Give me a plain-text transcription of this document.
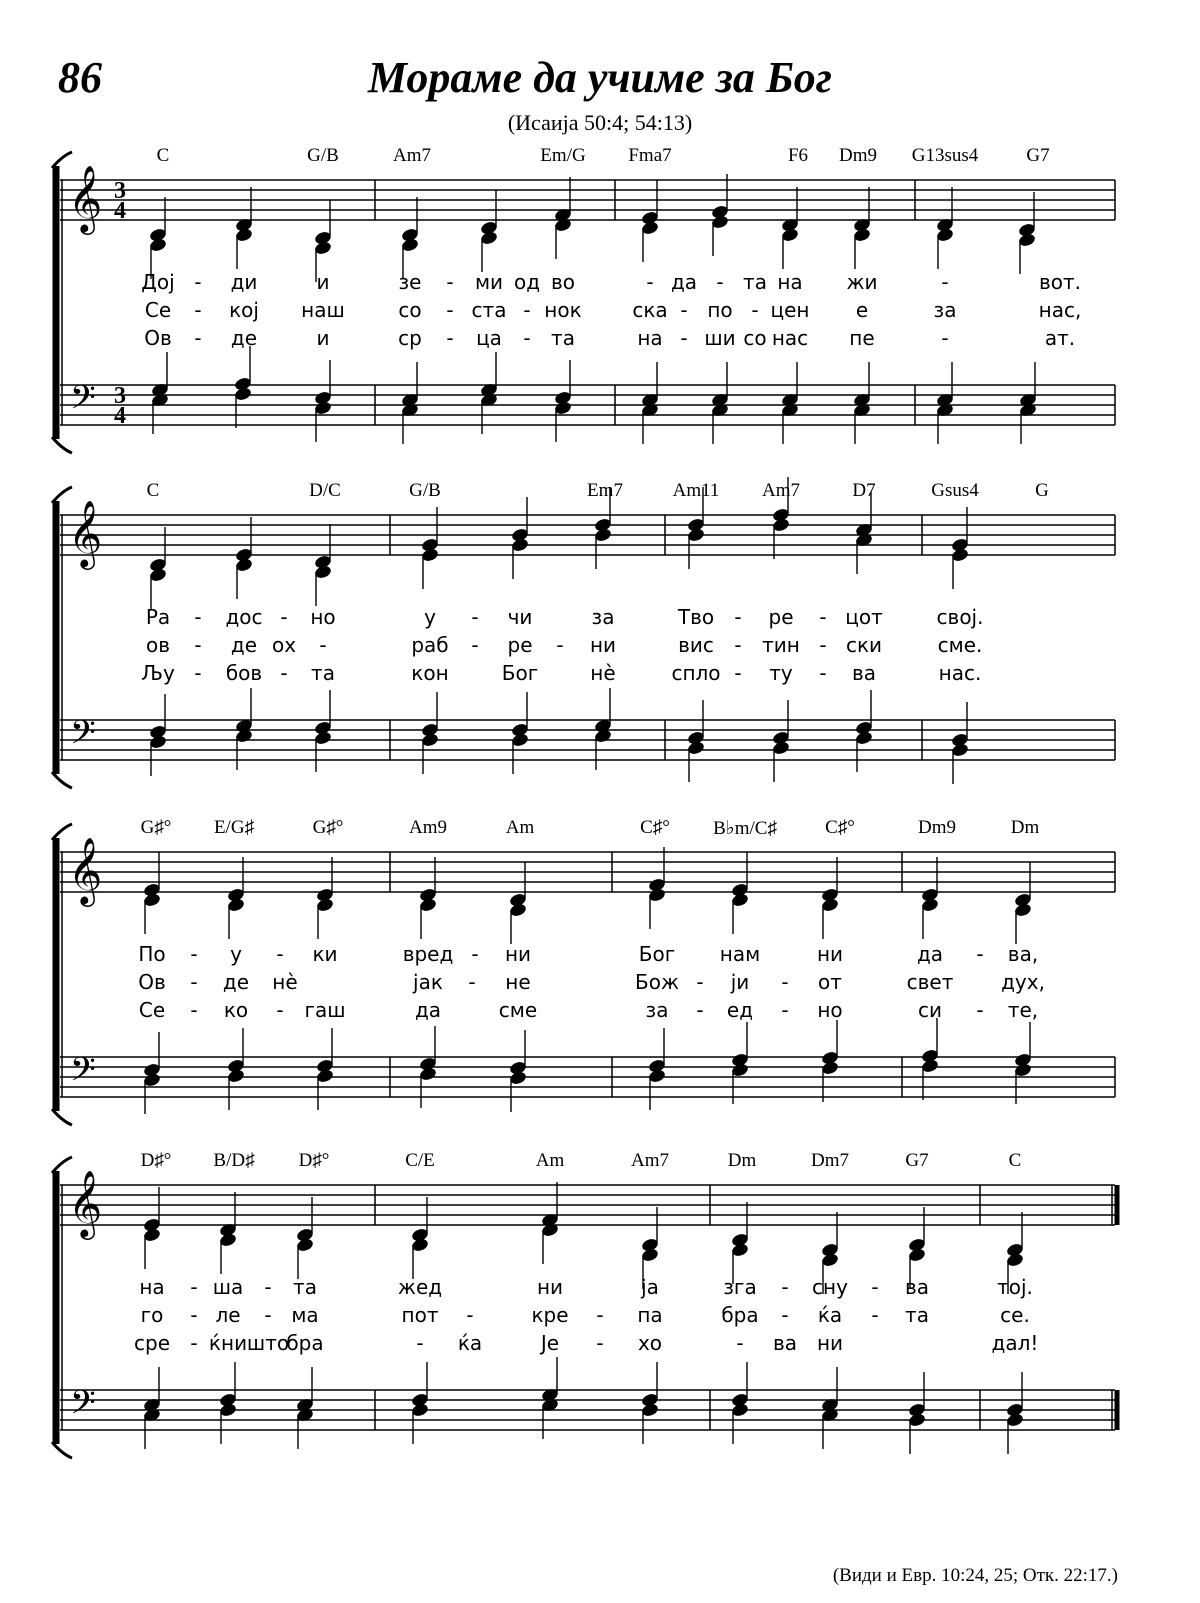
86	Мораме да учиме за Бог
(Исаија 50:4; 54:13)
𝄞
𝄢
3
4
3
4
C	G/B	Am7	Em/G Fma7	F6 Dm9 G13sus4	G7
Дој - ди	и	зе - ми од во	- да - та на жи	-	вот.
Се - кој наш	со - ста - нок	ска - по - цен е	за	нас,
Ов - де	и	ср - ца - та	на - ши со нас пе	-	ат.
𝄞
𝄢
C	D/C	G/B	Em7	Am11 Am7	D7	Gsus4	G
Ра - дос - но	у - чи	за	Тво - ре - цот	свој.
ов - де ох -	раб - ре - ни	вис - тин - ски	сме.
Љу - бов - та	кон	Бог	нè	спло - ту - ва	нас.
𝄞
𝄢
G♯° E/G♯	G♯°	Am9	Am	C♯° B♭m/C♯	C♯°	Dm9	Dm
По - у - ки	вред - ни	Бог нам	ни	да - ва,
Ов - де нè	јак - не	Бож - ји - от	свет дух,
Се - ко - гаш	да	сме	за - ед - но	си - те,
𝄞
𝄢
D♯° B/D♯ D♯°	C/E	Am	Am7	Dm	Dm7	G7	C
на - ша - та	жед	ни	ја	зга - сну - ва	тој.
го - ле - ма	пот -	кре - па	бра - ќа - та	се.
сре - ќни што
бра	- ќа	Је - хо	- ва ни	дал!
(Види и Евр. 10:24, 25; Отк. 22:17.)
